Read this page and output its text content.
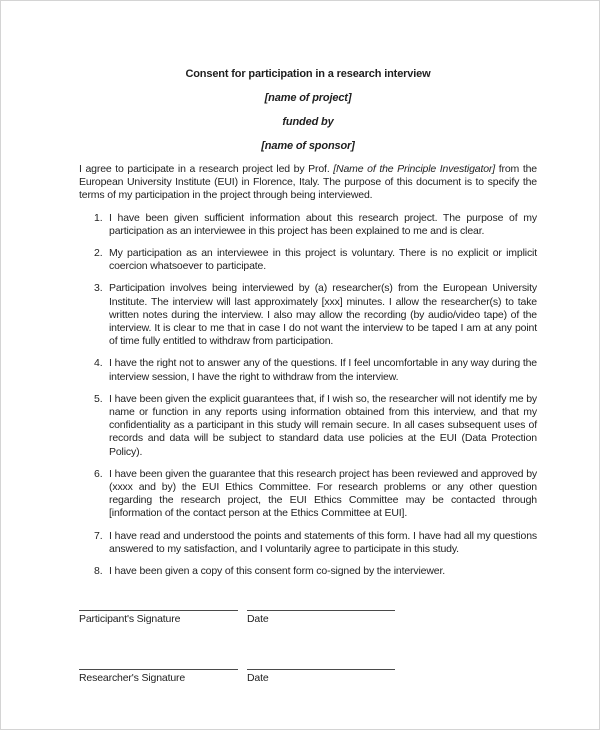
Consent for participation in a research interview

[name of project]

funded by

[name of sponsor]

I agree to participate in a research project led by Prof. [Name of the Principle Investigator] from the European University Institute (EUI) in Florence, Italy. The purpose of this document is to specify the terms of my participation in the project through being interviewed.

1. I have been given sufficient information about this research project. The purpose of my participation as an interviewee in this project has been explained to me and is clear.
2. My participation as an interviewee in this project is voluntary. There is no explicit or implicit coercion whatsoever to participate.
3. Participation involves being interviewed by (a) researcher(s) from the European University Institute. The interview will last approximately [xxx] minutes. I allow the researcher(s) to take written notes during the interview. I also may allow the recording (by audio/video tape) of the interview. It is clear to me that in case I do not want the interview to be taped I am at any point of time fully entitled to withdraw from participation.
4. I have the right not to answer any of the questions. If I feel uncomfortable in any way during the interview session, I have the right to withdraw from the interview.
5. I have been given the explicit guarantees that, if I wish so, the researcher will not identify me by name or function in any reports using information obtained from this interview, and that my confidentiality as a participant in this study will remain secure. In all cases subsequent uses of records and data will be subject to standard data use policies at the EUI (Data Protection Policy).
6. I have been given the guarantee that this research project has been reviewed and approved by (xxxx and by) the EUI Ethics Committee. For research problems or any other question regarding the research project, the EUI Ethics Committee may be contacted through [information of the contact person at the Ethics Committee at EUI].
7. I have read and understood the points and statements of this form. I have had all my questions answered to my satisfaction, and I voluntarily agree to participate in this study.
8. I have been given a copy of this consent form co-signed by the interviewer.
Participant's Signature	Date
Researcher's Signature	Date
